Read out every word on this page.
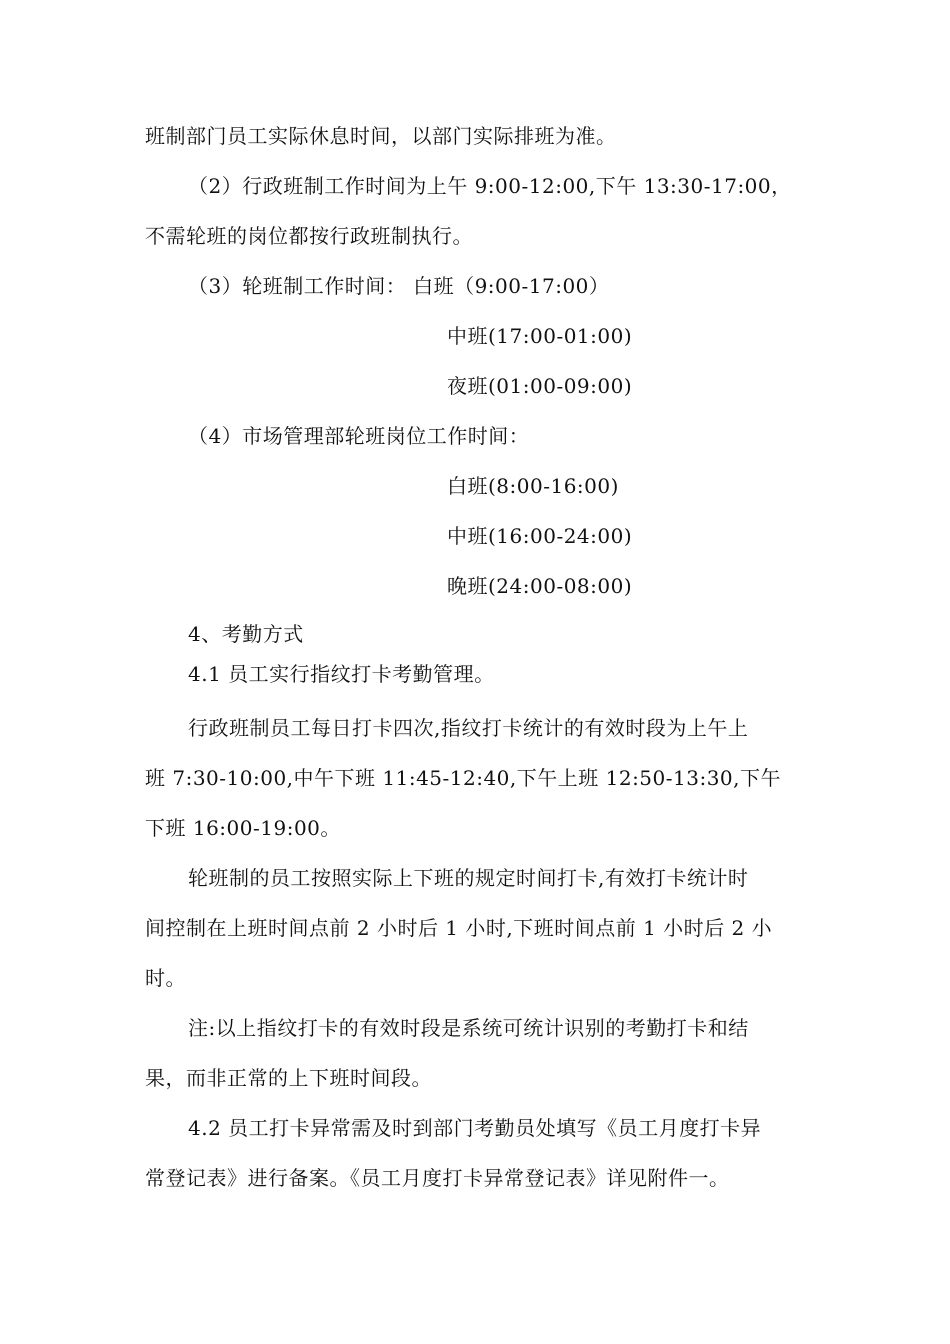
班制部门员工实际休息时间，以部门实际排班为准。
（2）行政班制工作时间为上午 9:00-12:00,下午 13:30-17:00，
不需轮班的岗位都按行政班制执行。
（3）轮班制工作时间： 白班（9:00-17:00）
中班(17:00-01:00)
夜班(01:00-09:00)
（4）市场管理部轮班岗位工作时间：
白班(8:00-16:00)
中班(16:00-24:00)
晚班(24:00-08:00)
4、考勤方式
4.1 员工实行指纹打卡考勤管理。
行政班制员工每日打卡四次,指纹打卡统计的有效时段为上午上
班 7:30-10:00,中午下班 11:45-12:40,下午上班 12:50-13:30,下午
下班 16:00-19:00。
轮班制的员工按照实际上下班的规定时间打卡,有效打卡统计时
间控制在上班时间点前 2 小时后 1 小时,下班时间点前 1 小时后 2 小
时。
注:以上指纹打卡的有效时段是系统可统计识别的考勤打卡和结
果，而非正常的上下班时间段。
4.2 员工打卡异常需及时到部门考勤员处填写《员工月度打卡异
常登记表》进行备案。《员工月度打卡异常登记表》详见附件一。
